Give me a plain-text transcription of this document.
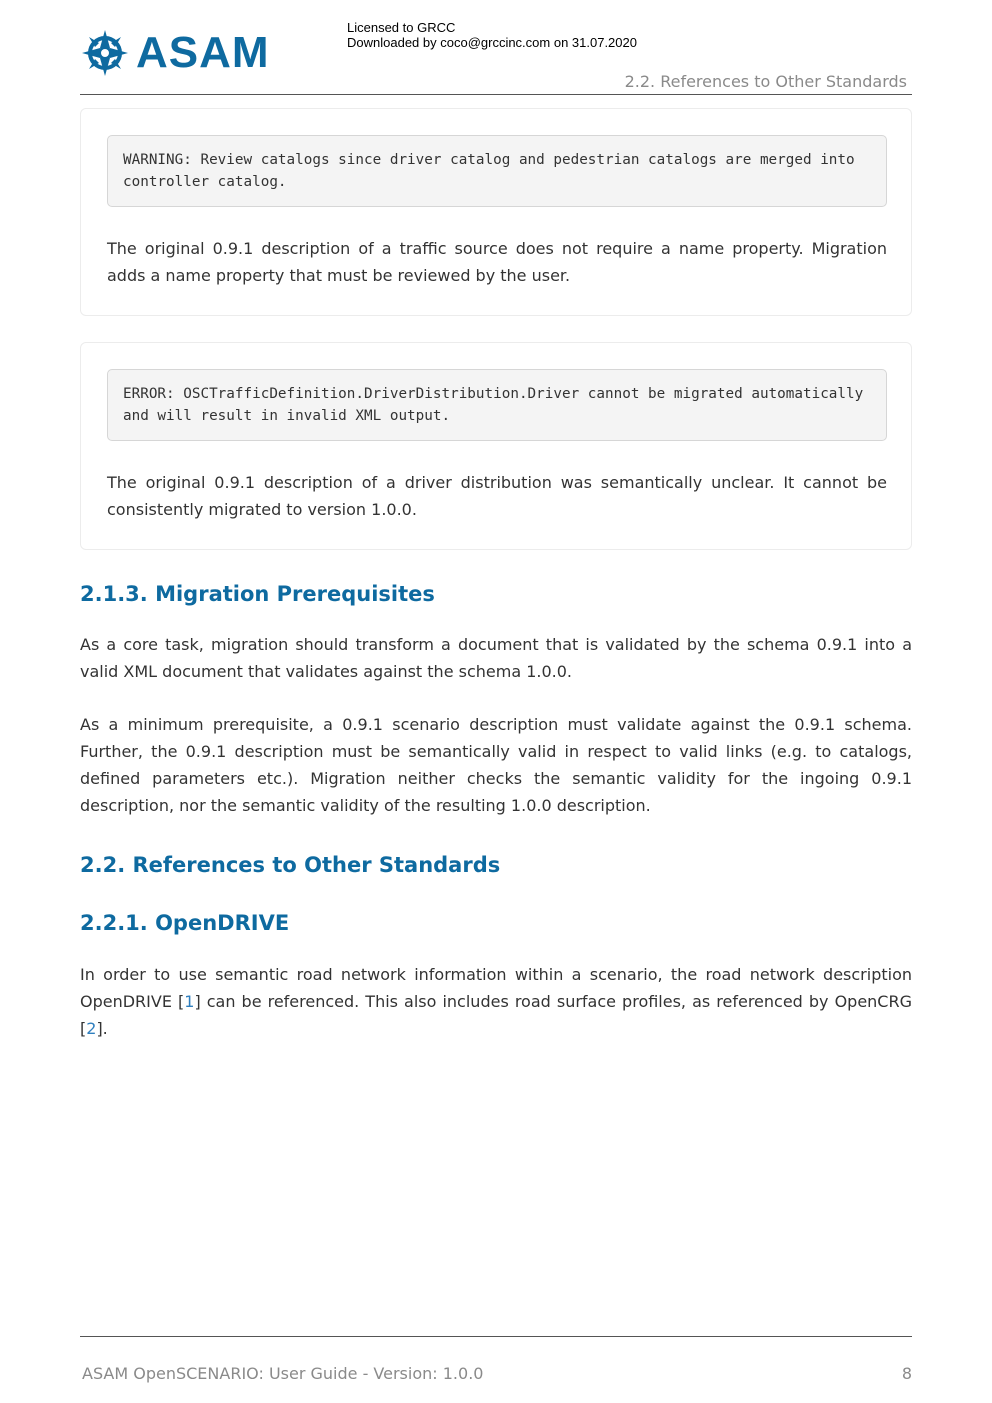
ASAM
Licensed to GRCC
Downloaded by coco@grccinc.com on 31.07.2020
2.2. References to Other Standards
WARNING: Review catalogs since driver catalog and pedestrian catalogs are merged into controller catalog.

The original 0.9.1 description of a traffic source does not require a name property. Migration adds a name property that must be reviewed by the user.

ERROR: OSCTrafficDefinition.DriverDistribution.Driver cannot be migrated automatically and will result in invalid XML output.

The original 0.9.1 description of a driver distribution was semantically unclear. It cannot be consistently migrated to version 1.0.0.

2.1.3. Migration Prerequisites

As a core task, migration should transform a document that is validated by the schema 0.9.1 into a valid XML document that validates against the schema 1.0.0.

As a minimum prerequisite, a 0.9.1 scenario description must validate against the 0.9.1 schema. Further, the 0.9.1 description must be semantically valid in respect to valid links (e.g. to catalogs, defined parameters etc.). Migration neither checks the semantic validity for the ingoing 0.9.1 description, nor the semantic validity of the resulting 1.0.0 description.

2.2. References to Other Standards
2.2.1. OpenDRIVE

In order to use semantic road network information within a scenario, the road network description OpenDRIVE [1] can be referenced. This also includes road surface profiles, as referenced by OpenCRG [2].

ASAM OpenSCENARIO: User Guide - Version: 1.0.0	8
